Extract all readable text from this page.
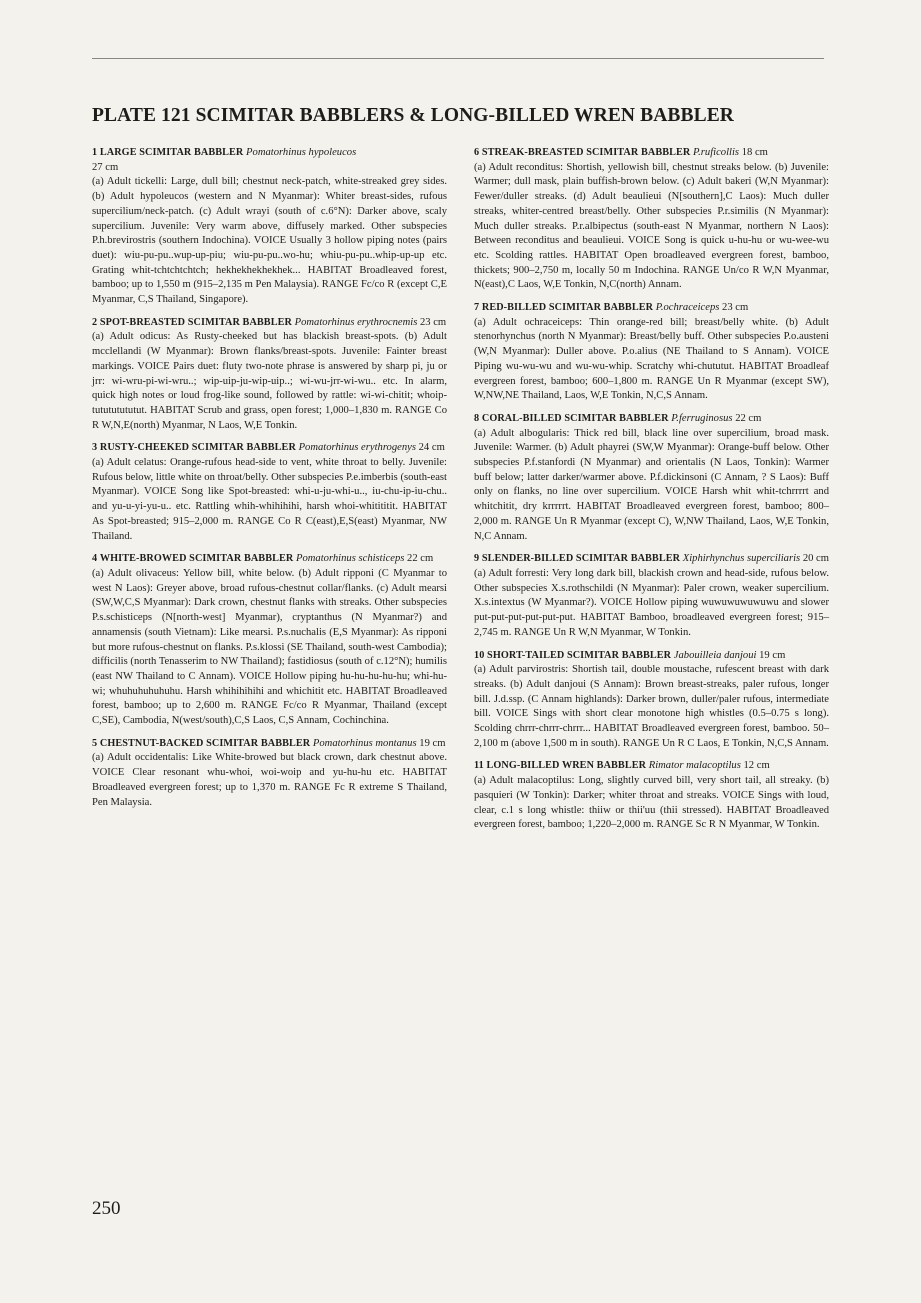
PLATE 121 SCIMITAR BABBLERS & LONG-BILLED WREN BABBLER

1 LARGE SCIMITAR BABBLER Pomatorhinus hypoleucos

27 cm

(a) Adult tickelli: Large, dull bill; chestnut neck-patch, white-streaked grey sides. (b) Adult hypoleucos (western and N Myanmar): Whiter breast-sides, rufous supercilium/neck-patch. (c) Adult wrayi (south of c.6°N): Darker above, scaly supercilium. Juvenile: Very warm above, diffusely marked. Other subspecies P.h.brevirostris (southern Indochina). VOICE Usually 3 hollow piping notes (pairs duet): wiu-pu-pu..wup-up-piu; wiu-pu-pu..wo-hu; whiu-pu-pu..whip-up-up etc. Grating whit-tchtchtchtch; hekhekhekhekhek... HABITAT Broadleaved forest, bamboo; up to 1,550 m (915–2,135 m Pen Malaysia). RANGE Fc/co R (except C,E Myanmar, C,S Thailand, Singapore).

2 SPOT-BREASTED SCIMITAR BABBLER Pomatorhinus erythrocnemis 23 cm

(a) Adult odicus: As Rusty-cheeked but has blackish breast-spots. (b) Adult mcclellandi (W Myanmar): Brown flanks/breast-spots. Juvenile: Fainter breast markings. VOICE Pairs duet: fluty two-note phrase is answered by sharp pi, ju or jrr: wi-wru-pi-wi-wru..; wip-uip-ju-wip-uip..; wi-wu-jrr-wi-wu.. etc. In alarm, quick high notes or loud frog-like sound, followed by rattle: wi-wi-chitit; whoip-tutututututut. HABITAT Scrub and grass, open forest; 1,000–1,830 m. RANGE Co R W,N,E(north) Myanmar, N Laos, W,E Tonkin.

3 RUSTY-CHEEKED SCIMITAR BABBLER Pomatorhinus erythrogenys 24 cm

(a) Adult celatus: Orange-rufous head-side to vent, white throat to belly. Juvenile: Rufous below, little white on throat/belly. Other subspecies P.e.imberbis (south-east Myanmar). VOICE Song like Spot-breasted: whi-u-ju-whi-u.., iu-chu-ip-iu-chu.. and yu-u-yi-yu-u.. etc. Rattling whih-whihihihi, harsh whoi-whitititit. HABITAT As Spot-breasted; 915–2,000 m. RANGE Co R C(east),E,S(east) Myanmar, NW Thailand.

4 WHITE-BROWED SCIMITAR BABBLER Pomatorhinus schisticeps 22 cm

(a) Adult olivaceus: Yellow bill, white below. (b) Adult ripponi (C Myanmar to west N Laos): Greyer above, broad rufous-chestnut collar/flanks. (c) Adult mearsi (SW,W,C,S Myanmar): Dark crown, chestnut flanks with streaks. Other subspecies P.s.schisticeps (N[north-west] Myanmar), cryptanthus (N Myanmar?) and annamensis (south Vietnam): Like mearsi. P.s.nuchalis (E,S Myanmar): As ripponi but more rufous-chestnut on flanks. P.s.klossi (SE Thailand, south-west Cambodia); difficilis (north Tenasserim to NW Thailand); fastidiosus (south of c.12°N); humilis (east NW Thailand to C Annam). VOICE Hollow piping hu-hu-hu-hu-hu; whi-hu-wi; whuhuhuhuhuhu. Harsh whihihihihi and whichitit etc. HABITAT Broadleaved forest, bamboo; up to 2,600 m. RANGE Fc/co R Myanmar, Thailand (except C,SE), Cambodia, N(west/south),C,S Laos, C,S Annam, Cochinchina.

5 CHESTNUT-BACKED SCIMITAR BABBLER Pomatorhinus montanus 19 cm

(a) Adult occidentalis: Like White-browed but black crown, dark chestnut above. VOICE Clear resonant whu-whoi, woi-woip and yu-hu-hu etc. HABITAT Broadleaved evergreen forest; up to 1,370 m. RANGE Fc R extreme S Thailand, Pen Malaysia.

6 STREAK-BREASTED SCIMITAR BABBLER P.ruficollis 18 cm

(a) Adult reconditus: Shortish, yellowish bill, chestnut streaks below. (b) Juvenile: Warmer; dull mask, plain buffish-brown below. (c) Adult bakeri (W,N Myanmar): Fewer/duller streaks. (d) Adult beaulieui (N[southern],C Laos): Much duller streaks, whiter-centred breast/belly. Other subspecies P.r.similis (N Myanmar): Much duller streaks. P.r.albipectus (south-east N Myanmar, northern N Laos): Between reconditus and beaulieui. VOICE Song is quick u-hu-hu or wu-wee-wu etc. Scolding rattles. HABITAT Open broadleaved evergreen forest, bamboo, thickets; 900–2,750 m, locally 50 m Indochina. RANGE Un/co R W,N Myanmar, N(east),C Laos, W,E Tonkin, N,C(north) Annam.

7 RED-BILLED SCIMITAR BABBLER P.ochraceiceps 23 cm

(a) Adult ochraceiceps: Thin orange-red bill; breast/belly white. (b) Adult stenorhynchus (north N Myanmar): Breast/belly buff. Other subspecies P.o.austeni (W,N Myanmar): Duller above. P.o.alius (NE Thailand to S Annam). VOICE Piping wu-wu-wu and wu-wu-whip. Scratchy whi-chututut. HABITAT Broadleaf evergreen forest, bamboo; 600–1,800 m. RANGE Un R Myanmar (except SW), W,NW,NE Thailand, Laos, W,E Tonkin, N,C,S Annam.

8 CORAL-BILLED SCIMITAR BABBLER P.ferruginosus 22 cm

(a) Adult albogularis: Thick red bill, black line over supercilium, broad mask. Juvenile: Warmer. (b) Adult phayrei (SW,W Myanmar): Orange-buff below. Other subspecies P.f.stanfordi (N Myanmar) and orientalis (N Laos, Tonkin): Warmer buff below; latter darker/warmer above. P.f.dickinsoni (C Annam, ? S Laos): Buff only on flanks, no line over supercilium. VOICE Harsh whit whit-tchrrrrt and whitchitit, dry krrrrrt. HABITAT Broadleaved evergreen forest, bamboo; 800–2,000 m. RANGE Un R Myanmar (except C), W,NW Thailand, Laos, W,E Tonkin, N,C Annam.

9 SLENDER-BILLED SCIMITAR BABBLER Xiphirhynchus superciliaris 20 cm

(a) Adult forresti: Very long dark bill, blackish crown and head-side, rufous below. Other subspecies X.s.rothschildi (N Myanmar): Paler crown, weaker supercilium. X.s.intextus (W Myanmar?). VOICE Hollow piping wuwuwuwuwuwu and slower put-put-put-put-put-put. HABITAT Bamboo, broadleaved evergreen forest; 915–2,745 m. RANGE Un R W,N Myanmar, W Tonkin.

10 SHORT-TAILED SCIMITAR BABBLER Jabouilleia danjoui 19 cm

(a) Adult parvirostris: Shortish tail, double moustache, rufescent breast with dark streaks. (b) Adult danjoui (S Annam): Brown breast-streaks, paler rufous, longer bill. J.d.ssp. (C Annam highlands): Darker brown, duller/paler rufous, intermediate bill. VOICE Sings with short clear monotone high whistles (0.5–0.75 s long). Scolding chrrr-chrrr-chrrr... HABITAT Broadleaved evergreen forest, bamboo. 50–2,100 m (above 1,500 m in south). RANGE Un R C Laos, E Tonkin, N,C,S Annam.

11 LONG-BILLED WREN BABBLER Rimator malacoptilus 12 cm

(a) Adult malacoptilus: Long, slightly curved bill, very short tail, all streaky. (b) pasquieri (W Tonkin): Darker; whiter throat and streaks. VOICE Sings with loud, clear, c.1 s long whistle: thiiw or thii'uu (thii stressed). HABITAT Broadleaved evergreen forest, bamboo; 1,220–2,000 m. RANGE Sc R N Myanmar, W Tonkin.

250
